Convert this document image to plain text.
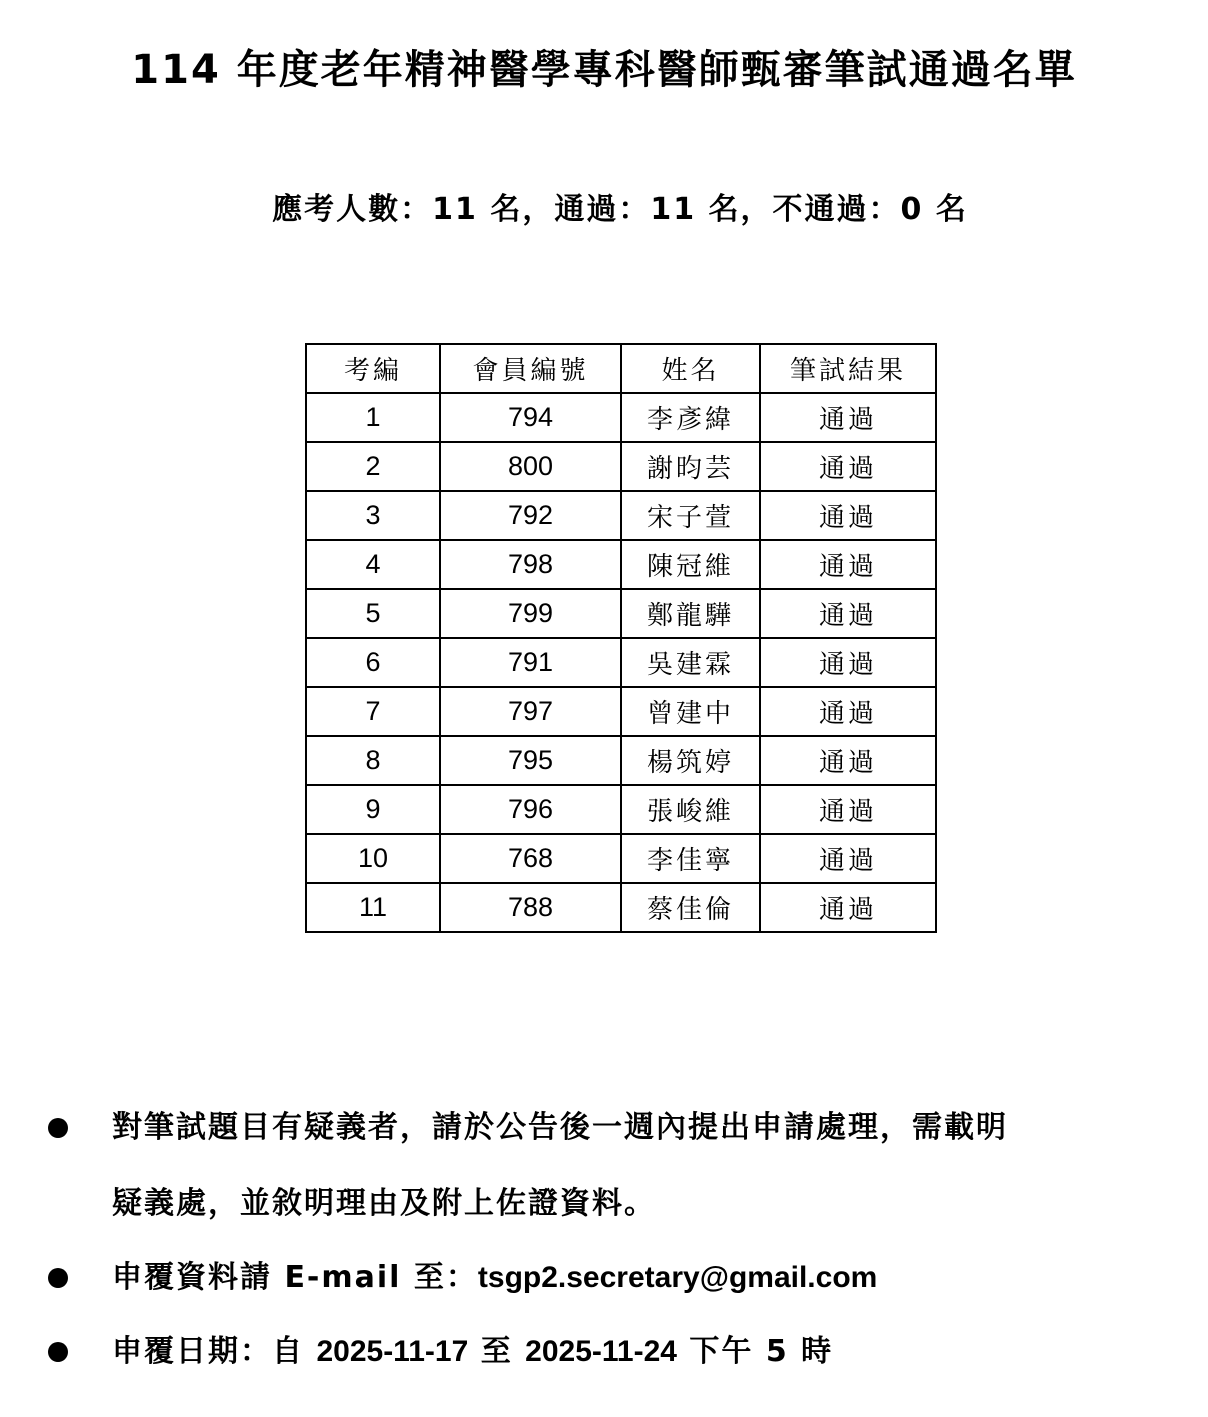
114 年度老年精神醫學專科醫師甄審筆試通過名單
應考人數：11 名，通過：11 名，不通過：0 名
考編	會員編號	姓名	筆試結果
1	794	李彥緯	通過
2	800	謝昀芸	通過
3	792	宋子萱	通過
4	798	陳冠維	通過
5	799	鄭龍驊	通過
6	791	吳建霖	通過
7	797	曾建中	通過
8	795	楊筑婷	通過
9	796	張峻維	通過
10	768	李佳寧	通過
11	788	蔡佳倫	通過
對筆試題目有疑義者，請於公告後一週內提出申請處理，需載明
疑義處，並敘明理由及附上佐證資料。
申覆資料請 E-mail 至：tsgp2.secretary@gmail.com
申覆日期：自 2025-11-17 至 2025-11-24 下午 5 時
